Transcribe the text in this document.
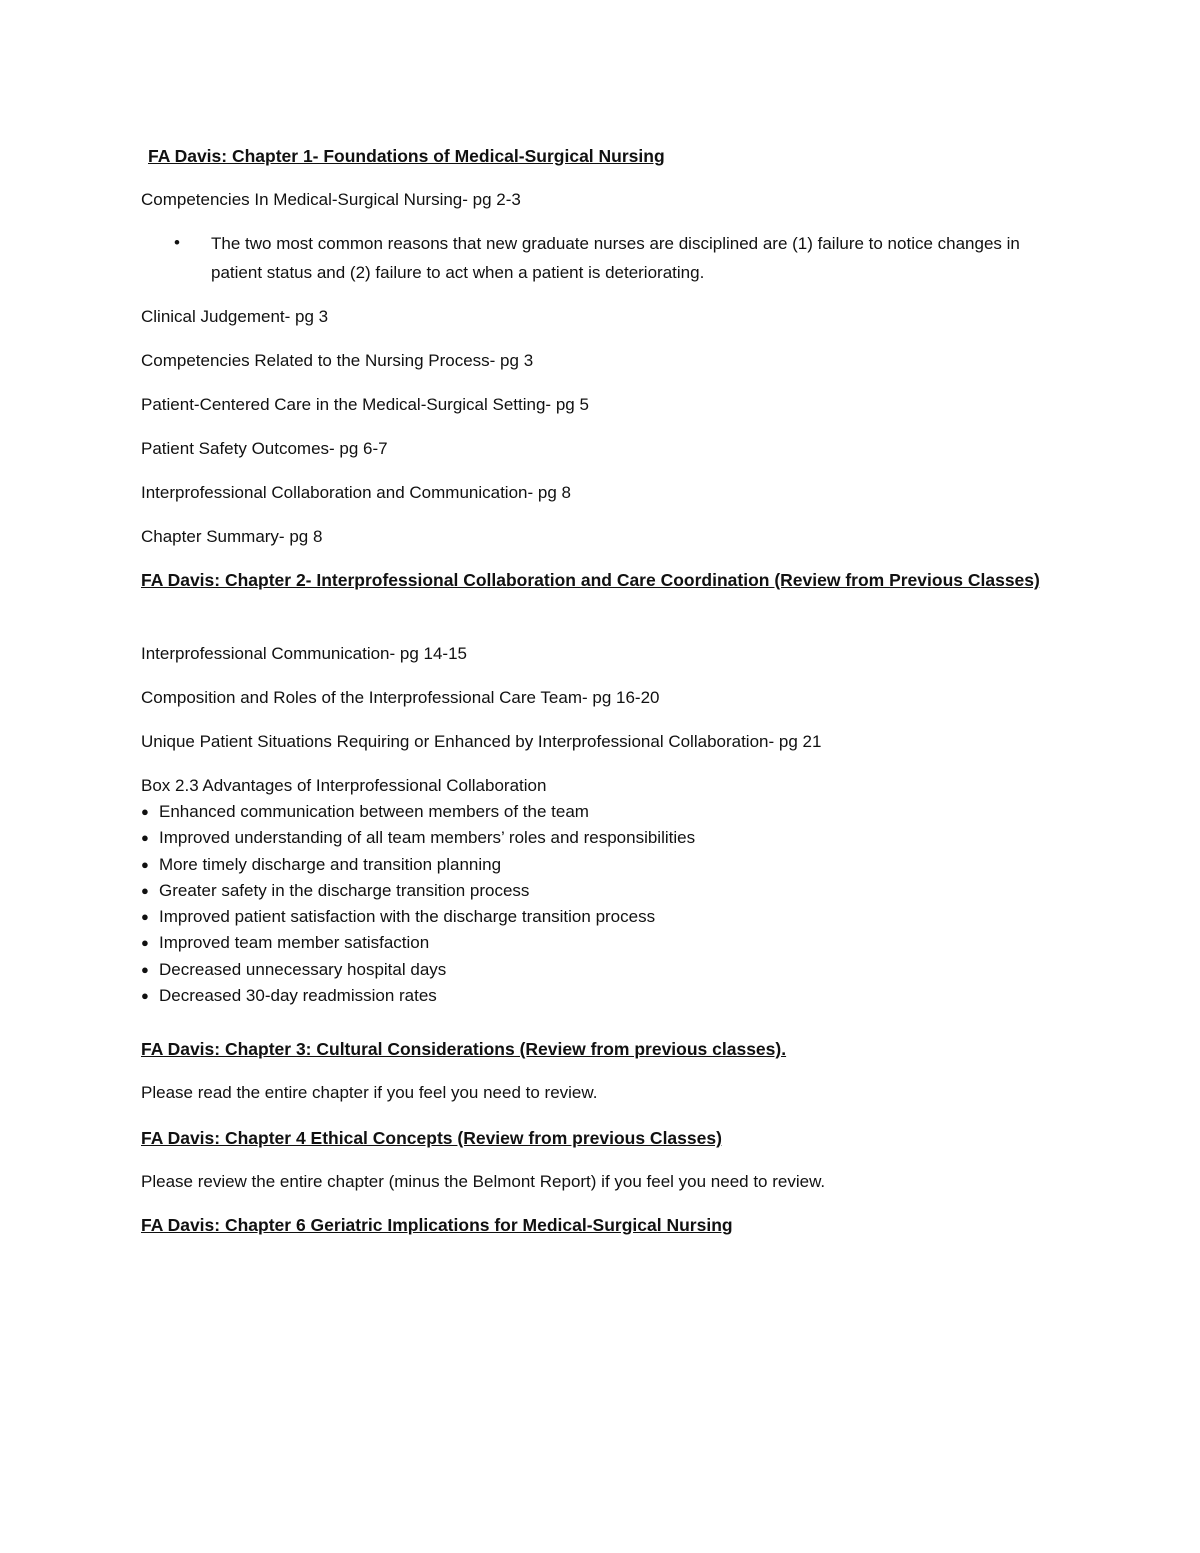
FA Davis: Chapter 1- Foundations of Medical-Surgical Nursing
Competencies In Medical-Surgical Nursing- pg 2-3
• The two most common reasons that new graduate nurses are disciplined are (1) failure to notice changes in patient status and (2) failure to act when a patient is deteriorating.
Clinical Judgement- pg 3
Competencies Related to the Nursing Process- pg 3
Patient-Centered Care in the Medical-Surgical Setting- pg 5
Patient Safety Outcomes- pg 6-7
Interprofessional Collaboration and Communication- pg 8
Chapter Summary- pg 8
FA Davis: Chapter 2- Interprofessional Collaboration and Care Coordination (Review from Previous Classes)
Interprofessional Communication- pg 14-15
Composition and Roles of the Interprofessional Care Team- pg 16-20
Unique Patient Situations Requiring or Enhanced by Interprofessional Collaboration- pg 21
Box 2.3 Advantages of Interprofessional Collaboration
● Enhanced communication between members of the team
● Improved understanding of all team members’ roles and responsibilities
● More timely discharge and transition planning
● Greater safety in the discharge transition process
● Improved patient satisfaction with the discharge transition process
● Improved team member satisfaction
● Decreased unnecessary hospital days
● Decreased 30-day readmission rates
FA Davis: Chapter 3: Cultural Considerations (Review from previous classes).
Please read the entire chapter if you feel you need to review.
FA Davis: Chapter 4 Ethical Concepts (Review from previous Classes)
Please review the entire chapter (minus the Belmont Report) if you feel you need to review.
FA Davis: Chapter 6 Geriatric Implications for Medical-Surgical Nursing
